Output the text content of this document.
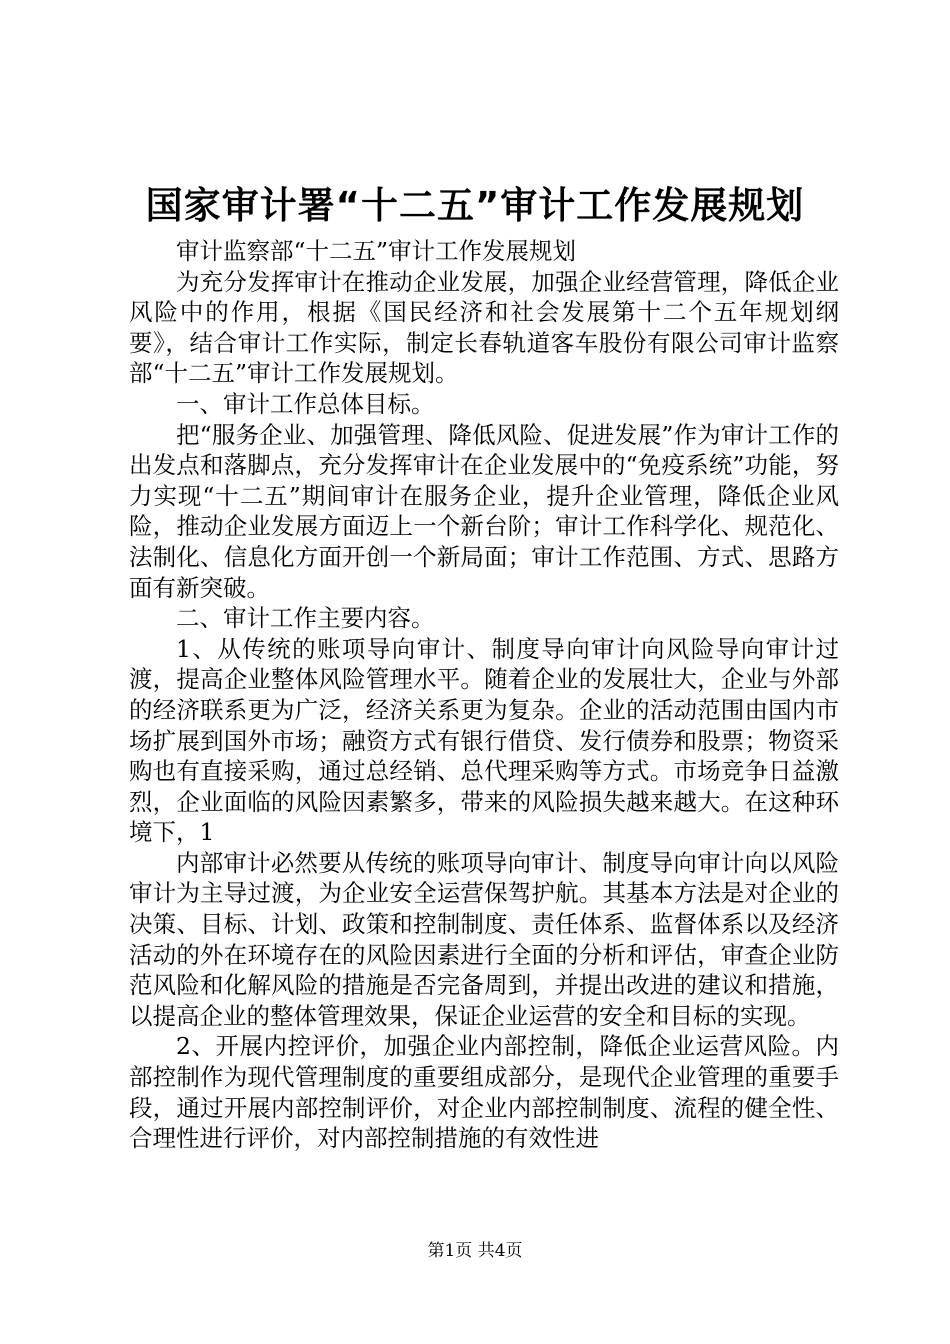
国家审计署“十二五”审计工作发展规划

审计监察部“十二五”审计工作发展规划

为充分发挥审计在推动企业发展，加强企业经营管理，降低企业风险中的作用，根据《国民经济和社会发展第十二个五年规划纲要》，结合审计工作实际，制定长春轨道客车股份有限公司审计监察部“十二五”审计工作发展规划。

一、审计工作总体目标。

把“服务企业、加强管理、降低风险、促进发展”作为审计工作的出发点和落脚点，充分发挥审计在企业发展中的“免疫系统”功能，努力实现“十二五”期间审计在服务企业，提升企业管理，降低企业风险，推动企业发展方面迈上一个新台阶；审计工作科学化、规范化、法制化、信息化方面开创一个新局面；审计工作范围、方式、思路方面有新突破。

二、审计工作主要内容。

1、从传统的账项导向审计、制度导向审计向风险导向审计过渡，提高企业整体风险管理水平。随着企业的发展壮大，企业与外部的经济联系更为广泛，经济关系更为复杂。企业的活动范围由国内市场扩展到国外市场；融资方式有银行借贷、发行债券和股票；物资采购也有直接采购，通过总经销、总代理采购等方式。市场竞争日益激烈，企业面临的风险因素繁多，带来的风险损失越来越大。在这种环境下，1

内部审计必然要从传统的账项导向审计、制度导向审计向以风险审计为主导过渡，为企业安全运营保驾护航。其基本方法是对企业的决策、目标、计划、政策和控制制度、责任体系、监督体系以及经济活动的外在环境存在的风险因素进行全面的分析和评估，审查企业防范风险和化解风险的措施是否完备周到，并提出改进的建议和措施，以提高企业的整体管理效果，保证企业运营的安全和目标的实现。

2、开展内控评价，加强企业内部控制，降低企业运营风险。内部控制作为现代管理制度的重要组成部分，是现代企业管理的重要手段，通过开展内部控制评价，对企业内部控制制度、流程的健全性、合理性进行评价，对内部控制措施的有效性进

第1页 共4页
